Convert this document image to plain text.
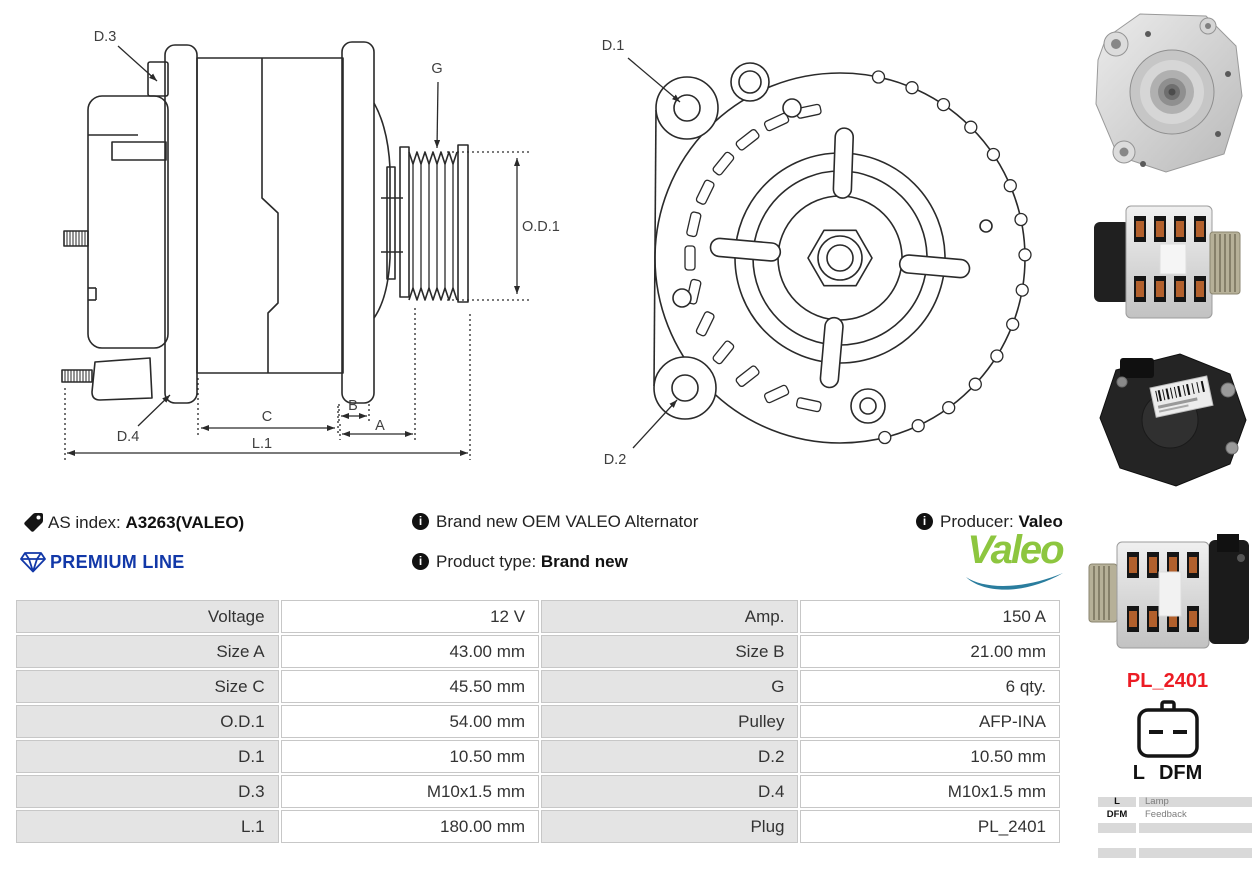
D.3
G
O.D.1
D.4
C
B
A
L.1
D.1
D.2
AS index: A3263(VALEO)
PREMIUM LINE
i Brand new OEM VALEO Alternator
i Product type: Brand new
i Producer: Valeo
Valeo
Voltage	12 V	Amp.	150 A
Size A	43.00 mm	Size B	21.00 mm
Size C	45.50 mm	G	6 qty.
O.D.1	54.00 mm	Pulley	AFP-INA
D.1	10.50 mm	D.2	10.50 mm
D.3	M10x1.5 mm	D.4	M10x1.5 mm
L.1	180.00 mm	Plug	PL_2401
PL_2401
L DFM
L	Lamp
DFM	Feedback
